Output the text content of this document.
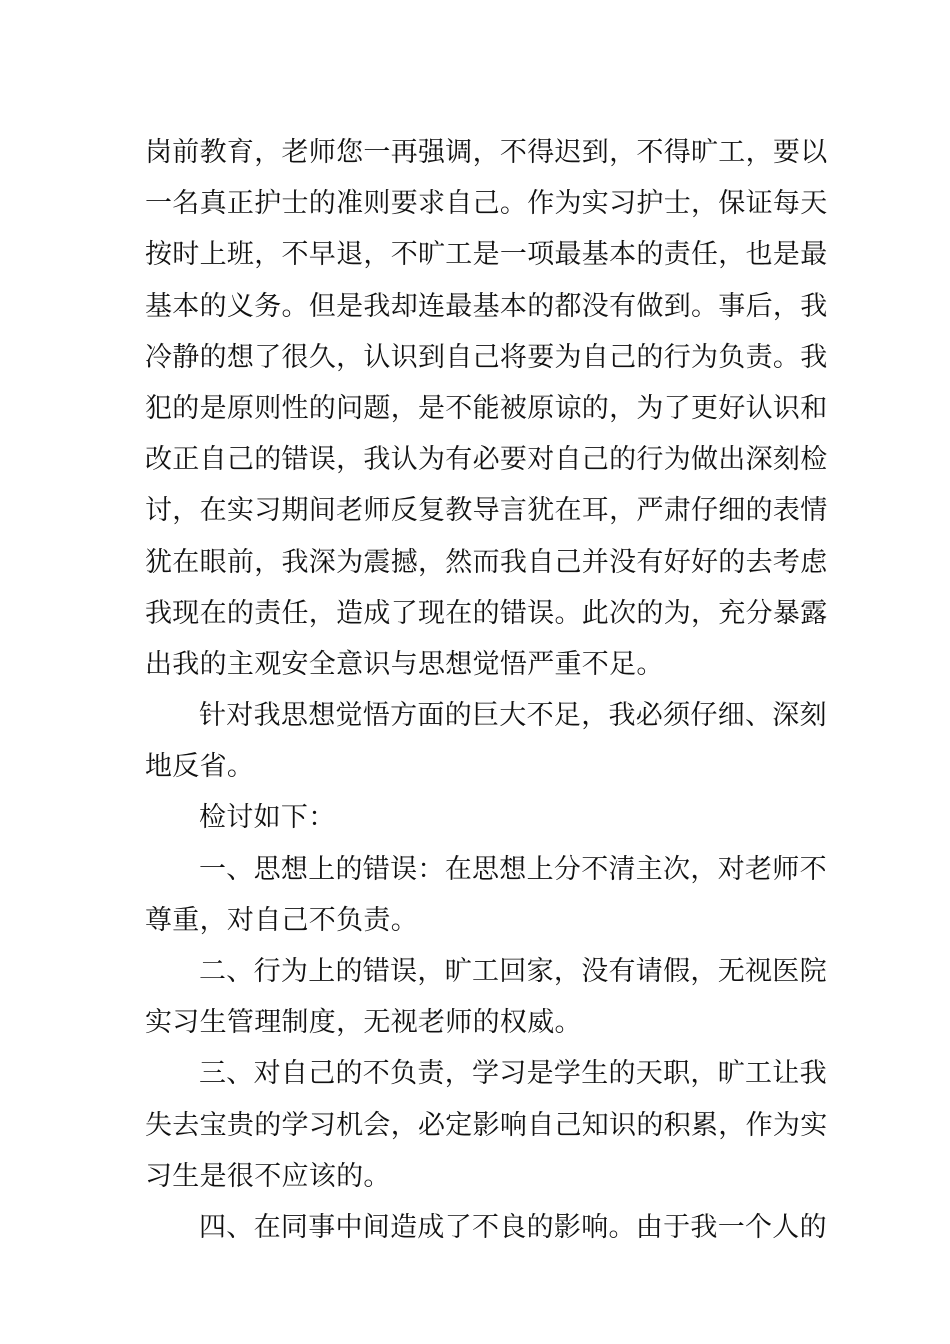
岗前教育，老师您一再强调，不得迟到，不得旷工，要以
一名真正护士的准则要求自己。作为实习护士，保证每天
按时上班，不早退，不旷工是一项最基本的责任，也是最
基本的义务。但是我却连最基本的都没有做到。事后，我
冷静的想了很久，认识到自己将要为自己的行为负责。我
犯的是原则性的问题，是不能被原谅的，为了更好认识和
改正自己的错误，我认为有必要对自己的行为做出深刻检
讨，在实习期间老师反复教导言犹在耳，严肃仔细的表情
犹在眼前，我深为震撼，然而我自己并没有好好的去考虑
我现在的责任，造成了现在的错误。此次的为，充分暴露
出我的主观安全意识与思想觉悟严重不足。
针对我思想觉悟方面的巨大不足，我必须仔细、深刻
地反省。
检讨如下：
一、思想上的错误：在思想上分不清主次，对老师不
尊重，对自己不负责。
二、行为上的错误，旷工回家，没有请假，无视医院
实习生管理制度，无视老师的权威。
三、对自己的不负责，学习是学生的天职，旷工让我
失去宝贵的学习机会，必定影响自己知识的积累，作为实
习生是很不应该的。
四、在同事中间造成了不良的影响。由于我一个人的
